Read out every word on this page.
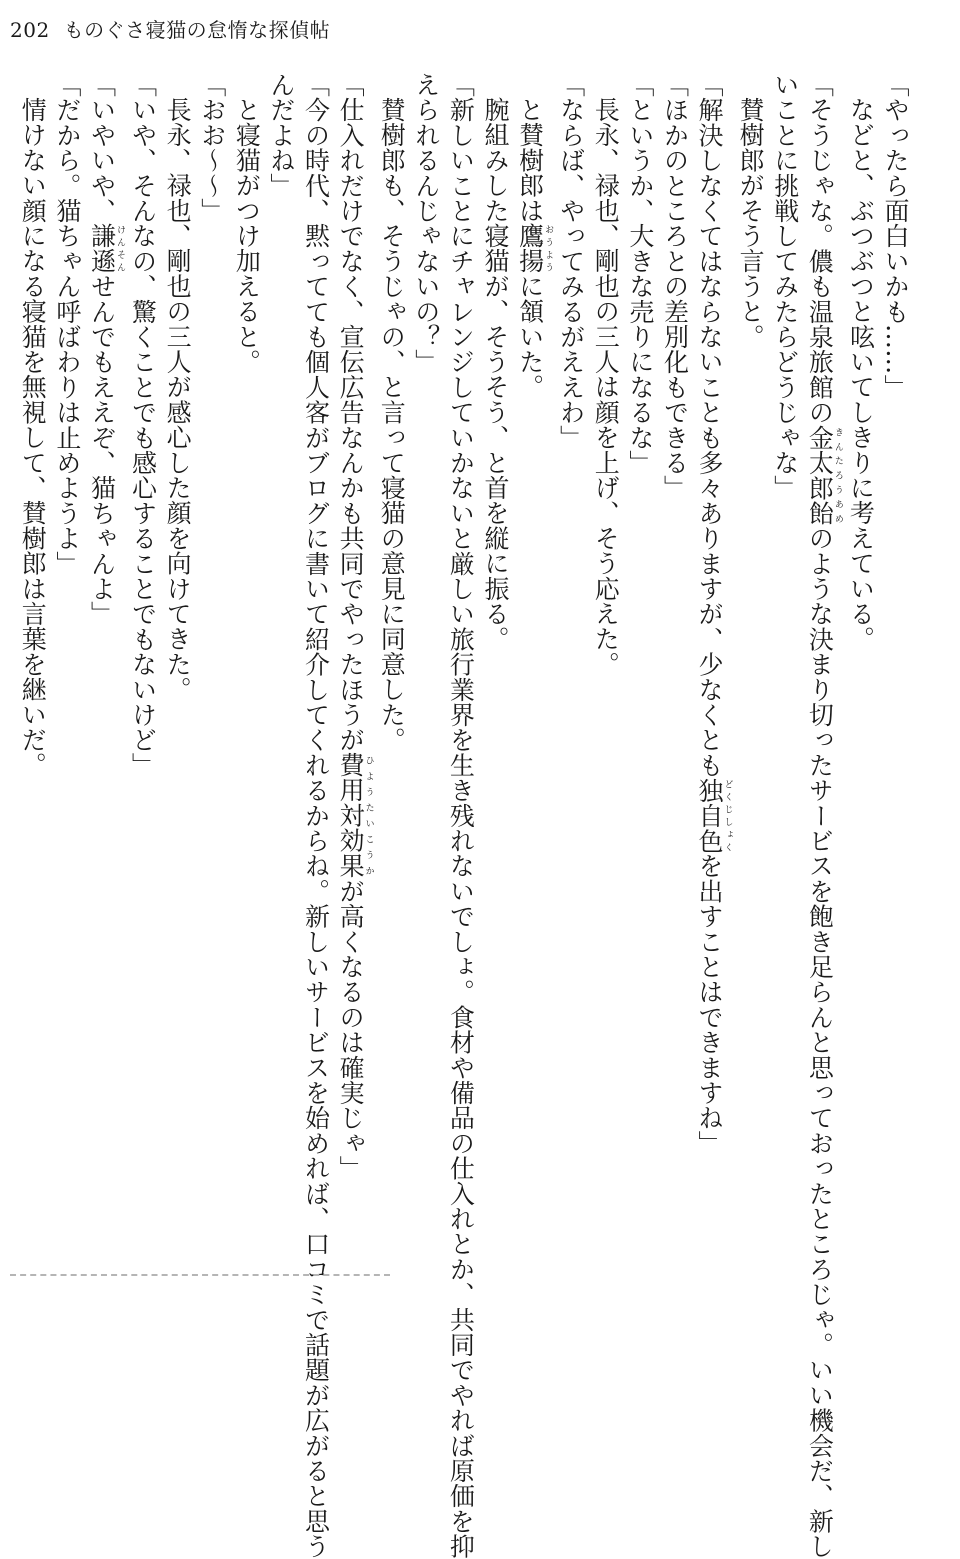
202 ものぐさ寝猫の怠惰な探偵帖
「やったら面白いかも……」
などと、ぶつぶつと呟いてしきりに考えている。
「そうじゃな。儂も温泉旅館の金太郎飴きんたろうあめのような決まり切ったサービスを飽き足らんと思っておったところじゃ。いい機会だ、新し
いことに挑戦してみたらどうじゃな」
賛樹郎がそう言うと。
「解決しなくてはならないことも多々ありますが、少なくとも独自色どくじしょくを出すことはできますね」
「ほかのところとの差別化もできる」
「というか、大きな売りになるな」
長永、禄也、剛也の三人は顔を上げ、そう応えた。
「ならば、やってみるがええわ」
と賛樹郎は鷹揚おうように頷いた。
腕組みした寝猫が、そうそう、と首を縦に振る。
「新しいことにチャレンジしていかないと厳しい旅行業界を生き残れないでしょ。食材や備品の仕入れとか、共同でやれば原価を抑
えられるんじゃないの？」
賛樹郎も、そうじゃの、と言って寝猫の意見に同意した。
「仕入れだけでなく、宣伝広告なんかも共同でやったほうが費用対効果ひようたいこうかが高くなるのは確実じゃ」
「今の時代、黙ってても個人客がブログに書いて紹介してくれるからね。新しいサービスを始めれば、口コミで話題が広がると思う
んだよね」
と寝猫がつけ加えると。
「おお～～」
長永、禄也、剛也の三人が感心した顔を向けてきた。
「いや、そんなの、驚くことでも感心することでもないけど」
「いやいや、謙遜けんそんせんでもええぞ、猫ちゃんよ」
「だから。猫ちゃん呼ばわりは止めようよ」
情けない顔になる寝猫を無視して、賛樹郎は言葉を継いだ。
